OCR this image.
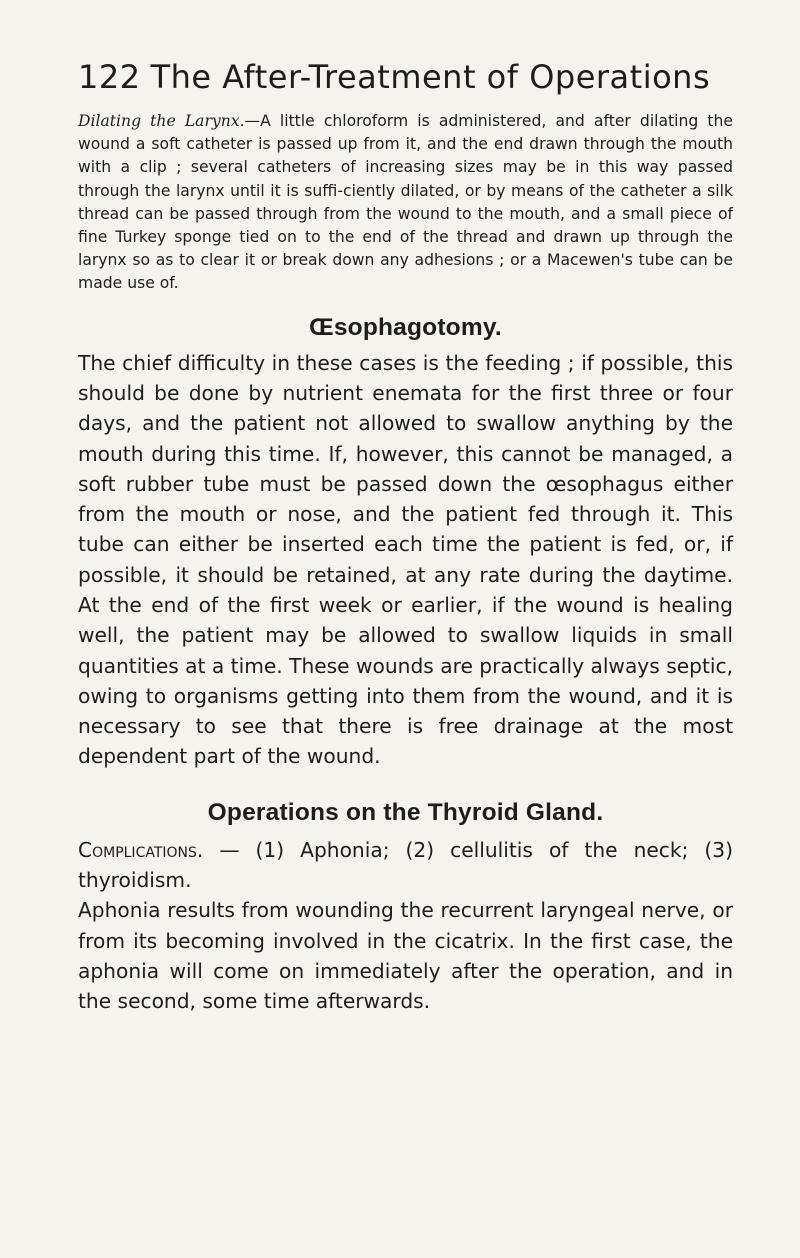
122 The After-Treatment of Operations

Dilating the Larynx.—A little chloroform is administered, and after dilating the wound a soft catheter is passed up from it, and the end drawn through the mouth with a clip ; several catheters of increasing sizes may be in this way passed through the larynx until it is suffi-ciently dilated, or by means of the catheter a silk thread can be passed through from the wound to the mouth, and a small piece of fine Turkey sponge tied on to the end of the thread and drawn up through the larynx so as to clear it or break down any adhesions ; or a Macewen's tube can be made use of.

Œsophagotomy.

The chief difficulty in these cases is the feeding ; if possible, this should be done by nutrient enemata for the first three or four days, and the patient not allowed to swallow anything by the mouth during this time. If, however, this cannot be managed, a soft rubber tube must be passed down the œsophagus either from the mouth or nose, and the patient fed through it. This tube can either be inserted each time the patient is fed, or, if possible, it should be retained, at any rate during the daytime. At the end of the first week or earlier, if the wound is healing well, the patient may be allowed to swallow liquids in small quantities at a time. These wounds are practically always septic, owing to organisms getting into them from the wound, and it is necessary to see that there is free drainage at the most dependent part of the wound.

Operations on the Thyroid Gland.

Complications. — (1) Aphonia; (2) cellulitis of the neck; (3) thyroidism.

Aphonia results from wounding the recurrent laryngeal nerve, or from its becoming involved in the cicatrix. In the first case, the aphonia will come on immediately after the operation, and in the second, some time afterwards.
